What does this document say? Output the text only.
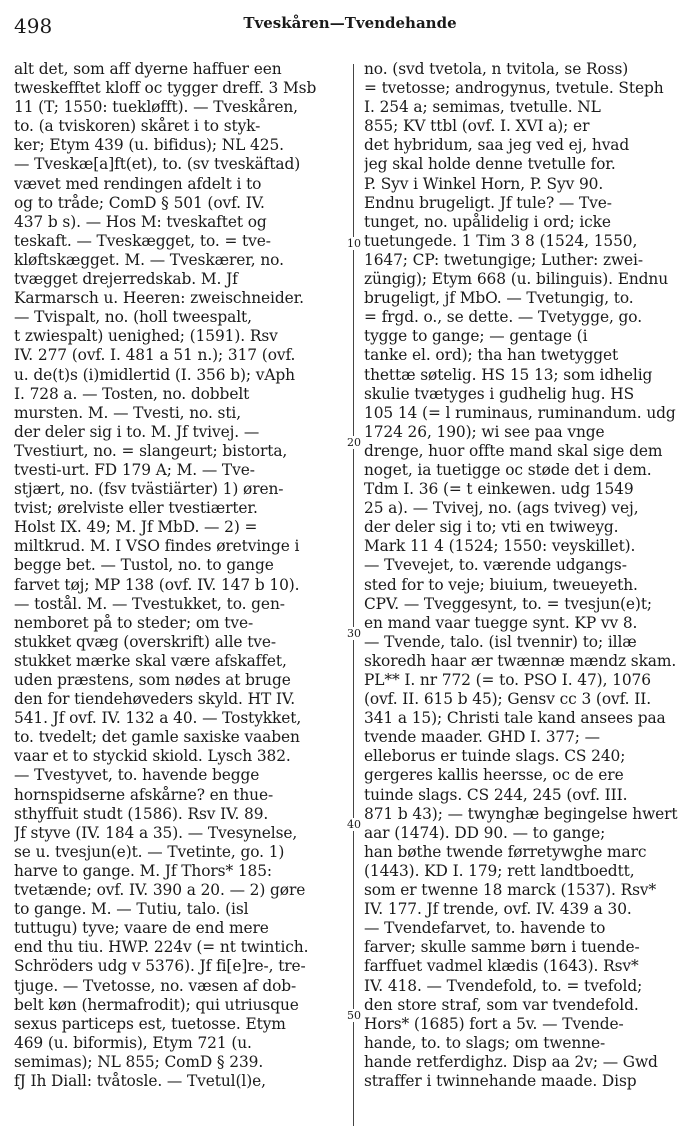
498	Tveskåren—Tvendehande
alt det, som aff dyerne haffuer een
tweskefftet kloff oc tygger dreff. 3 Msb
11 (T; 1550: tuekløfft). — Tveskåren,
to. (a tviskoren) skåret i to styk-
ker; Etym 439 (u. bifidus); NL 425.
— Tveskæ[a]ft(et), to. (sv tveskäftad)
vævet med rendingen afdelt i to
og to tråde; ComD § 501 (ovf. IV.
437 b s). — Hos M: tveskaftet og
teskaft. — Tveskægget, to. = tve-
kløftskægget. M. — Tveskærer, no.
tvægget drejerredskab. M. Jf
Karmarsch u. Heeren: zweischneider.
— Tvispalt, no. (holl tweespalt,
t zwiespalt) uenighed; (1591). Rsv
IV. 277 (ovf. I. 481 a 51 n.); 317 (ovf.
u. de(t)s (i)midlertid (I. 356 b); vAph
I. 728 a. — Tosten, no. dobbelt
mursten. M. — Tvesti, no. sti,
der deler sig i to. M. Jf tvivej. —
Tvestiurt, no. = slangeurt; bistorta,
tvesti-urt. FD 179 A; M. — Tve-
stjært, no. (fsv tvästiärter) 1) øren-
tvist; ørelviste eller tvestiærter.
Holst IX. 49; M. Jf MbD. — 2) =
miltkrud. M. I VSO findes øretvinge i
begge bet. — Tustol, no. to gange
farvet tøj; MP 138 (ovf. IV. 147 b 10).
— tostål. M. — Tvestukket, to. gen-
nemboret på to steder; om tve-
stukket qvæg (overskrift) alle tve-
stukket mærke skal være afskaffet,
uden præstens, som nødes at bruge
den for tiendehøveders skyld. HT IV.
541. Jf ovf. IV. 132 a 40. — Tostykket,
to. tvedelt; det gamle saxiske vaaben
vaar et to styckid skiold. Lysch 382.
— Tvestyvet, to. havende begge
hornspidserne afskårne? en thue-
sthyffuit studt (1586). Rsv IV. 89.
Jf styve (IV. 184 a 35). — Tvesynelse,
se u. tvesjun(e)t. — Tvetinte, go. 1)
harve to gange. M. Jf Thors* 185:
tvetænde; ovf. IV. 390 a 20. — 2) gøre
to gange. M. — Tutiu, talo. (isl
tuttugu) tyve; vaare de end mere
end thu tiu. HWP. 224v (= nt twintich.
Schröders udg v 5376). Jf fi[e]re-, tre-
tjuge. — Tvetosse, no. væsen af dob-
belt køn (hermafrodit); qui utriusque
sexus particeps est, tuetosse. Etym
469 (u. biformis), Etym 721 (u.
semimas); NL 855; ComD § 239.
fJ Ih Diall: tvåtosle. — Tvetul(l)e,
no. (svd tvetola, n tvitola, se Ross)
= tvetosse; androgynus, tvetule. Steph
I. 254 a; semimas, tvetulle. NL
855; KV ttbl (ovf. I. XVI a); er
det hybridum, saa jeg ved ej, hvad
jeg skal holde denne tvetulle for.
P. Syv i Winkel Horn, P. Syv 90.
Endnu brugeligt. Jf tule? — Tve-
tunget, no. upålidelig i ord; icke
tuetungede. 1 Tim 3 8 (1524, 1550,
1647; CP: twetungige; Luther: zwei-
züngig); Etym 668 (u. bilinguis). Endnu
brugeligt, jf MbO. — Tvetungig, to.
= frgd. o., se dette. — Tvetygge, go.
tygge to gange; — gentage (i
tanke el. ord); tha han twetygget
thettæ søtelig. HS 15 13; som idhelig
skulie tvætyges i gudhelig hug. HS
105 14 (= l ruminaus, ruminandum. udg
1724 26, 190); wi see paa vnge
drenge, huor offte mand skal sige dem
noget, ia tuetigge oc støde det i dem.
Tdm I. 36 (= t einkewen. udg 1549
25 a). — Tvivej, no. (ags tviveg) vej,
der deler sig i to; vti en twiweyg.
Mark 11 4 (1524; 1550: veyskillet).
— Tvevejet, to. værende udgangs-
sted for to veje; biuium, tweueyeth.
CPV. — Tveggesynt, to. = tvesjun(e)t;
en mand vaar tuegge synt. KP vv 8.
— Tvende, talo. (isl tvennir) to; illæ
skoredh haar ær twænnæ mændz skam.
PL** I. nr 772 (= to. PSO I. 47), 1076
(ovf. II. 615 b 45); Gensv cc 3 (ovf. II.
341 a 15); Christi tale kand ansees paa
tvende maader. GHD I. 377; —
elleborus er tuinde slags. CS 240;
gergeres kallis heersse, oc de ere
tuinde slags. CS 244, 245 (ovf. III.
871 b 43); — twynghæ begingelse hwert
aar (1474). DD 90. — to gange;
han bøthe twende førretywghe marc
(1443). KD I. 179; rett landtboedtt,
som er twenne 18 marck (1537). Rsv*
IV. 177. Jf trende, ovf. IV. 439 a 30.
— Tvendefarvet, to. havende to
farver; skulle samme børn i tuende-
farffuet vadmel klædis (1643). Rsv*
IV. 418. — Tvendefold, to. = tvefold;
den store straf, som var tvendefold.
Hors* (1685) fort a 5v. — Tvende-
hande, to. to slags; om twenne-
hande retferdighz. Disp aa 2v; — Gwd
straffer i twinnehande maade. Disp
10
20
30
40
50
